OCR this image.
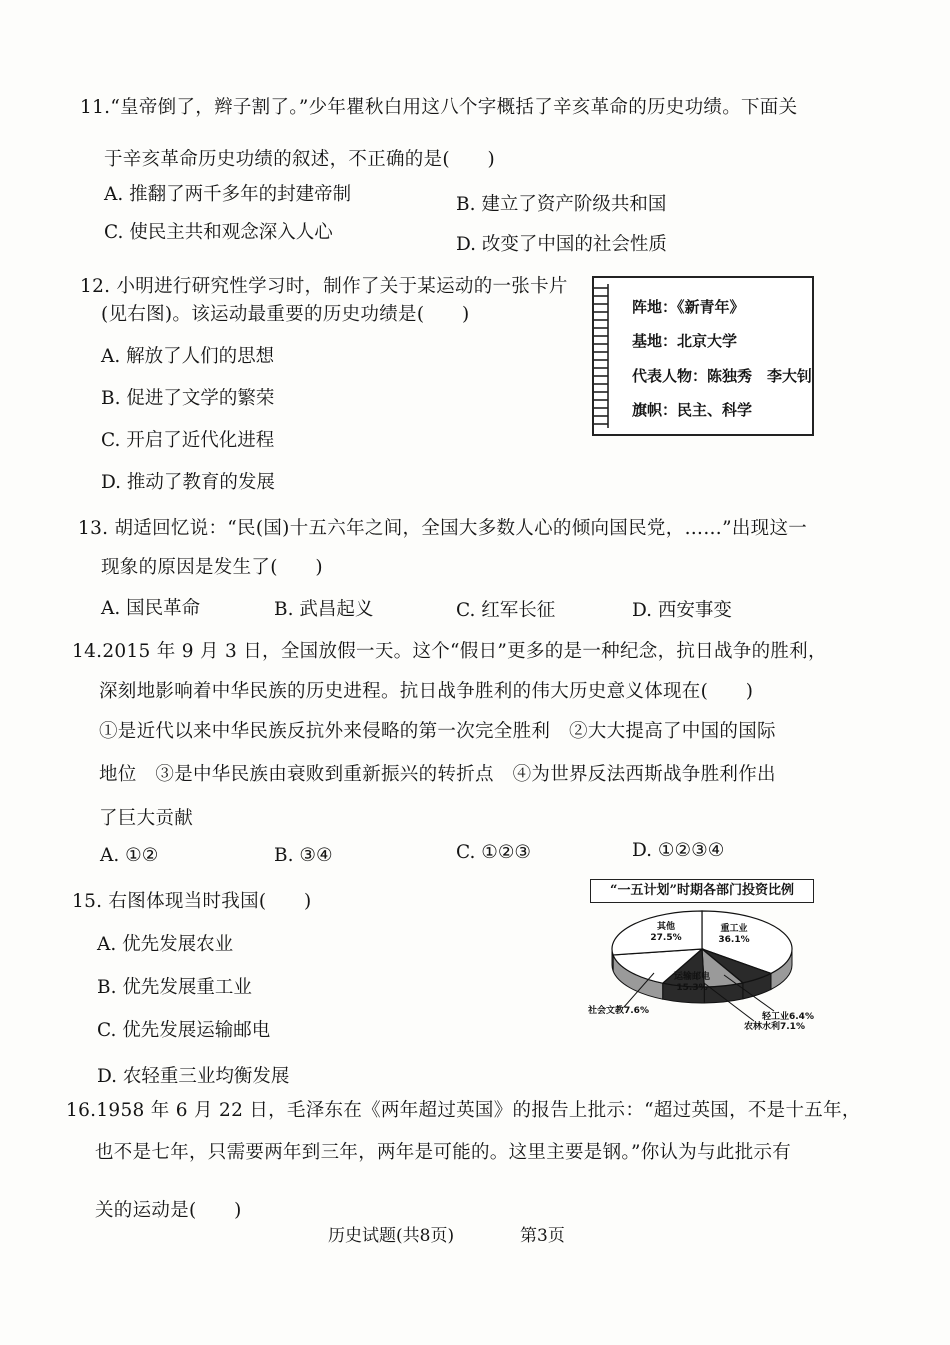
11.“皇帝倒了，辫子割了。”少年瞿秋白用这八个字概括了辛亥革命的历史功绩。下面关
于辛亥革命历史功绩的叙述，不正确的是(　　)
A. 推翻了两千多年的封建帝制	B. 建立了资产阶级共和国
C. 使民主共和观念深入人心
D. 改变了中国的社会性质
12. 小明进行研究性学习时，制作了关于某运动的一张卡片
(见右图)。该运动最重要的历史功绩是(　　)
A. 解放了人们的思想
B. 促进了文学的繁荣
C. 开启了近代化进程
D. 推动了教育的发展
阵地：《新青年》
基地：北京大学
代表人物：陈独秀　李大钊
旗帜：民主、科学
13. 胡适回忆说：“民(国)十五六年之间，全国大多数人心的倾向国民党，……”出现这一
现象的原因是发生了(　　)
A. 国民革命	B. 武昌起义	C. 红军长征	D. 西安事变
14.2015 年 9 月 3 日，全国放假一天。这个“假日”更多的是一种纪念，抗日战争的胜利，
深刻地影响着中华民族的历史进程。抗日战争胜利的伟大历史意义体现在(　　)
①是近代以来中华民族反抗外来侵略的第一次完全胜利　②大大提高了中国的国际
地位　③是中华民族由衰败到重新振兴的转折点　④为世界反法西斯战争胜利作出
了巨大贡献
A. ①②	B. ③④	C. ①②③	D. ①②③④
15. 右图体现当时我国(　　)
A. 优先发展农业
B. 优先发展重工业
C. 优先发展运输邮电
D. 农轻重三业均衡发展
“一五计划”时期各部门投资比例
重工业
36.1%
轻工业6.4%
农林水利7.1%
社会文教7.6%
运输邮电
15.3%
其他
27.5%
16.1958 年 6 月 22 日，毛泽东在《两年超过英国》的报告上批示：“超过英国，不是十五年，
也不是七年，只需要两年到三年，两年是可能的。这里主要是钢。”你认为与此批示有
关的运动是(　　)
历史试题(共8页)	第3页
